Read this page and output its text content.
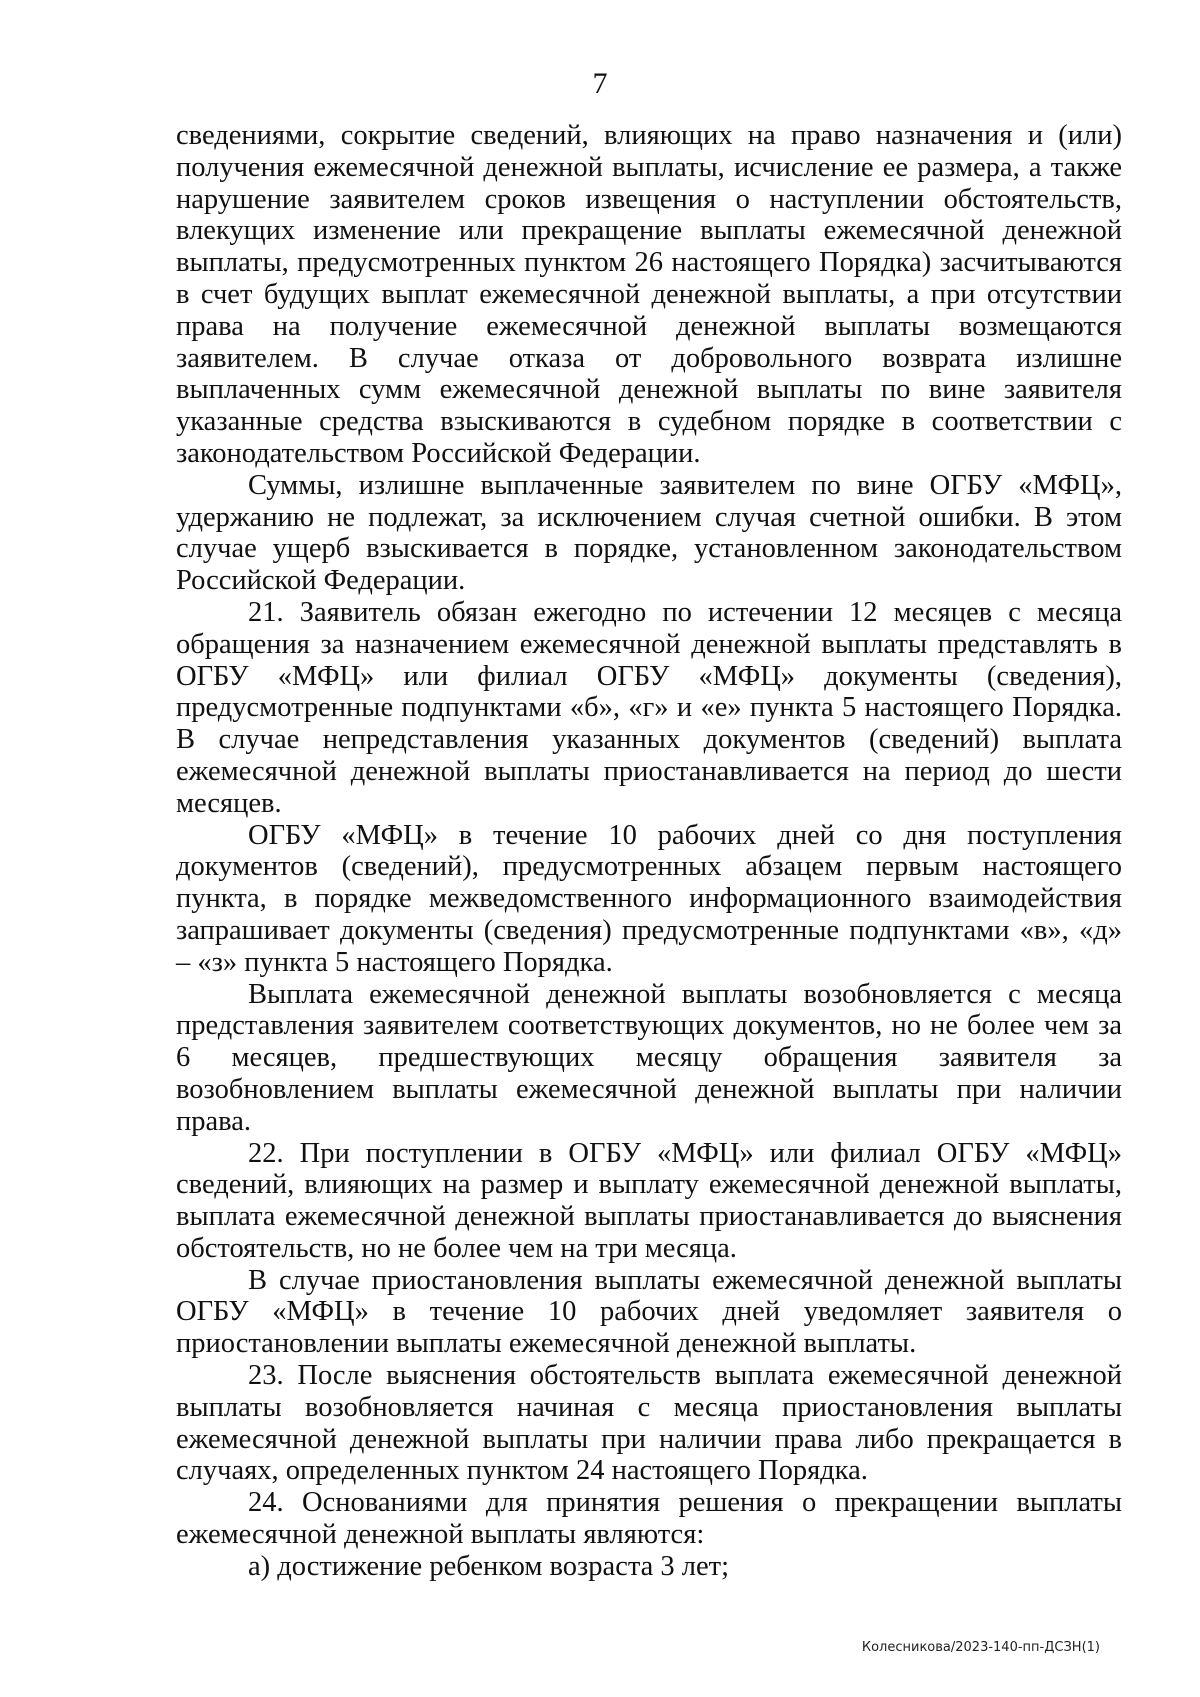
7

сведениями, сокрытие сведений, влияющих на право назначения и (или) получения ежемесячной денежной выплаты, исчисление ее размера, а также нарушение заявителем сроков извещения о наступлении обстоятельств, влекущих изменение или прекращение выплаты ежемесячной денежной выплаты, предусмотренных пунктом 26 настоящего Порядка) засчитываются в счет будущих выплат ежемесячной денежной выплаты, а при отсутствии права на получение ежемесячной денежной выплаты возмещаются заявителем. В случае отказа от добровольного возврата излишне выплаченных сумм ежемесячной денежной выплаты по вине заявителя указанные средства взыскиваются в судебном порядке в соответствии с законодательством Российской Федерации.

Суммы, излишне выплаченные заявителем по вине ОГБУ «МФЦ», удержанию не подлежат, за исключением случая счетной ошибки. В этом случае ущерб взыскивается в порядке, установленном законодательством Российской Федерации.

21. Заявитель обязан ежегодно по истечении 12 месяцев с месяца обращения за назначением ежемесячной денежной выплаты представлять в ОГБУ «МФЦ» или филиал ОГБУ «МФЦ» документы (сведения), предусмотренные подпунктами «б», «г» и «е» пункта 5 настоящего Порядка. В случае непредставления указанных документов (сведений) выплата ежемесячной денежной выплаты приостанавливается на период до шести месяцев.

ОГБУ «МФЦ» в течение 10 рабочих дней со дня поступления документов (сведений), предусмотренных абзацем первым настоящего пункта, в порядке межведомственного информационного взаимодействия запрашивает документы (сведения) предусмотренные подпунктами «в», «д» – «з» пункта 5 настоящего Порядка.

Выплата ежемесячной денежной выплаты возобновляется с месяца представления заявителем соответствующих документов, но не более чем за 6 месяцев, предшествующих месяцу обращения заявителя за возобновлением выплаты ежемесячной денежной выплаты при наличии права.

22. При поступлении в ОГБУ «МФЦ» или филиал ОГБУ «МФЦ» сведений, влияющих на размер и выплату ежемесячной денежной выплаты, выплата ежемесячной денежной выплаты приостанавливается до выяснения обстоятельств, но не более чем на три месяца.

В случае приостановления выплаты ежемесячной денежной выплаты ОГБУ «МФЦ» в течение 10 рабочих дней уведомляет заявителя о приостановлении выплаты ежемесячной денежной выплаты.

23. После выяснения обстоятельств выплата ежемесячной денежной выплаты возобновляется начиная с месяца приостановления выплаты ежемесячной денежной выплаты при наличии права либо прекращается в случаях, определенных пунктом 24 настоящего Порядка.

24. Основаниями для принятия решения о прекращении выплаты ежемесячной денежной выплаты являются:

а) достижение ребенком возраста 3 лет;

Колесникова/2023-140-пп-ДСЗН(1)
